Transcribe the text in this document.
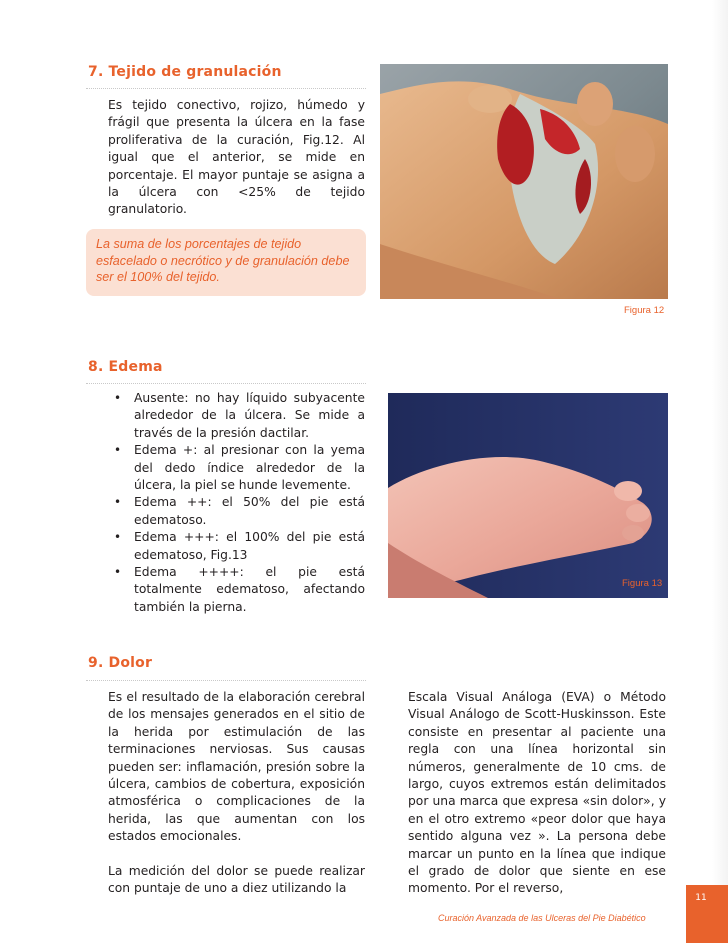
7. Tejido de granulación
Es tejido conectivo, rojizo, húmedo y frágil que presenta la úlcera en la fase proliferativa de la curación, Fig.12. Al igual que el anterior, se mide en porcentaje. El mayor puntaje se asigna a la úlcera con <25% de tejido granulatorio.
La suma de los porcentajes de tejido esfacelado o necrótico y de granulación debe ser el 100% del tejido.
Figura 12
8. Edema
• Ausente: no hay líquido subyacente alrededor de la úlcera. Se mide a través de la presión dactilar.
• Edema +: al presionar con la yema del dedo índice alrededor de la úlcera, la piel se hunde levemente.
• Edema ++: el 50% del pie está edematoso.
• Edema +++: el 100% del pie está edematoso, Fig.13
• Edema ++++: el pie está totalmente edematoso, afectando también la pierna.
Figura 13
9. Dolor

Es el resultado de la elaboración cerebral de los mensajes generados en el sitio de la herida por estimulación de las terminaciones nerviosas. Sus causas pueden ser: inflamación, presión sobre la úlcera, cambios de cobertura, exposición atmosférica o complicaciones de la herida, las que aumentan con los estados emocionales.

La medición del dolor se puede realizar con puntaje de uno a diez utilizando la

Escala Visual Análoga (EVA) o Método Visual Análogo de Scott-Huskinsson. Este consiste en presentar al paciente una regla con una línea horizontal sin números, generalmente de 10 cms. de largo, cuyos extremos están delimitados por una marca que expresa «sin dolor», y en el otro extremo «peor dolor que haya sentido alguna vez ». La persona debe marcar un punto en la línea que indique el grado de dolor que siente en ese momento. Por el reverso,
Curación Avanzada de las Ulceras del Pie Diabético
11
